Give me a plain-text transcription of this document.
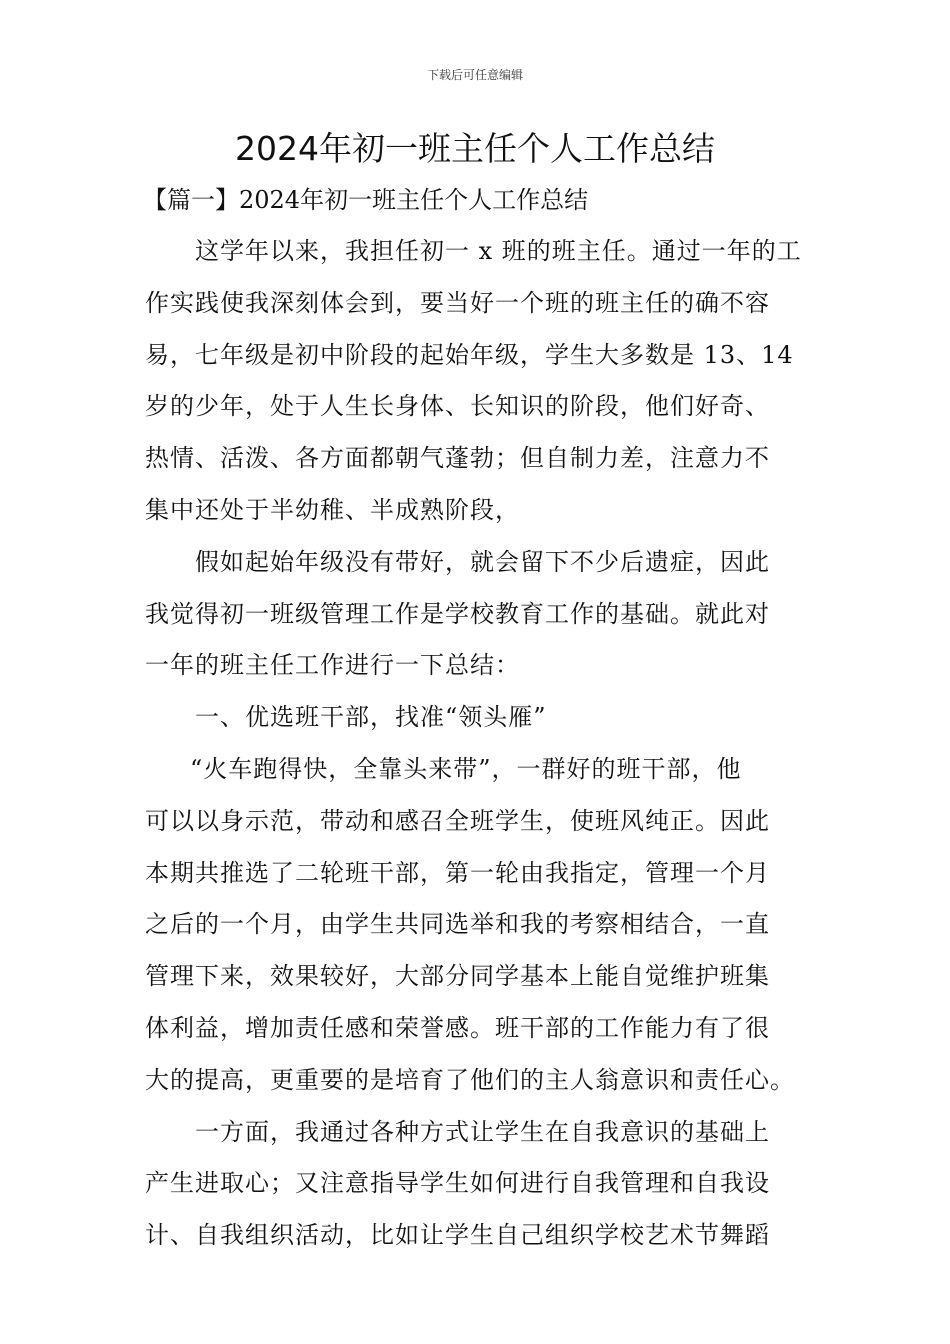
下载后可任意编辑
2024年初一班主任个人工作总结
【篇一】2024年初一班主任个人工作总结
这学年以来，我担任初一 x 班的班主任。通过一年的工
作实践使我深刻体会到，要当好一个班的班主任的确不容
易，七年级是初中阶段的起始年级，学生大多数是 13、14
岁的少年，处于人生长身体、长知识的阶段，他们好奇、
热情、活泼、各方面都朝气蓬勃；但自制力差，注意力不
集中还处于半幼稚、半成熟阶段，
假如起始年级没有带好，就会留下不少后遗症，因此
我觉得初一班级管理工作是学校教育工作的基础。就此对
一年的班主任工作进行一下总结：
一、优选班干部，找准“领头雁”
“火车跑得快，全靠头来带”，一群好的班干部，他
可以以身示范，带动和感召全班学生，使班风纯正。因此
本期共推选了二轮班干部，第一轮由我指定，管理一个月
之后的一个月，由学生共同选举和我的考察相结合，一直
管理下来，效果较好，大部分同学基本上能自觉维护班集
体利益，增加责任感和荣誉感。班干部的工作能力有了很
大的提高，更重要的是培育了他们的主人翁意识和责任心。
一方面，我通过各种方式让学生在自我意识的基础上
产生进取心；又注意指导学生如何进行自我管理和自我设
计、自我组织活动，比如让学生自己组织学校艺术节舞蹈
